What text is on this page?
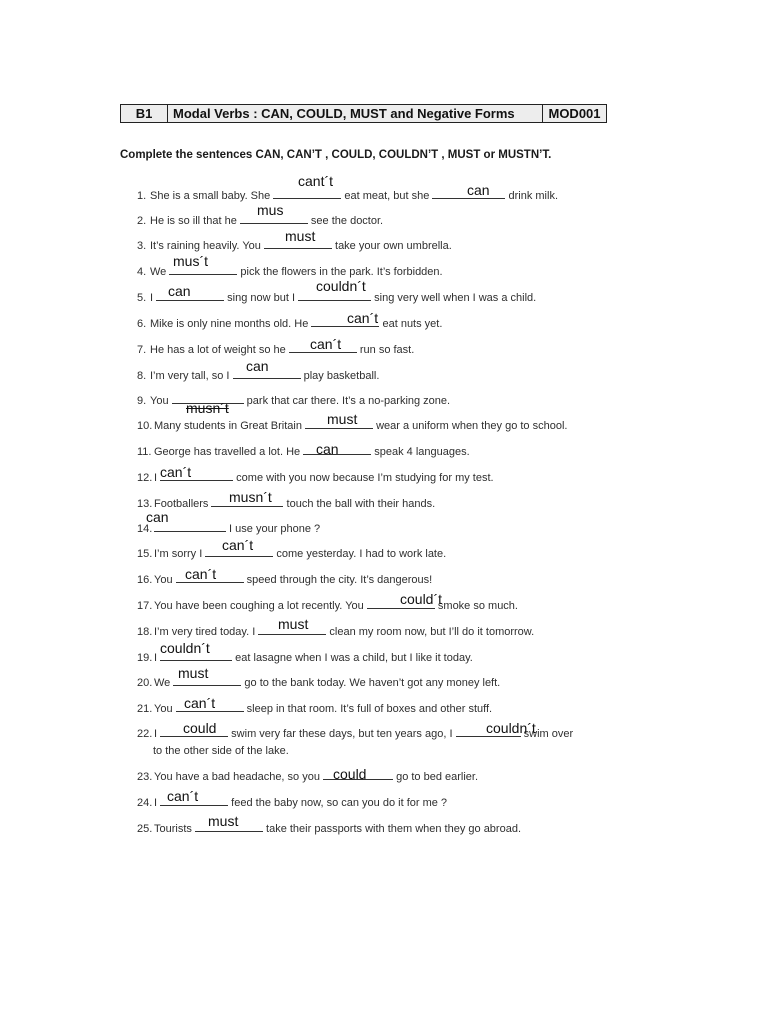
B1	Modal Verbs : CAN, COULD, MUST and Negative Forms	MOD001
Complete the sentences CAN, CAN’T , COULD, COULDN’T , MUST or MUSTN’T.
1. She is a small baby. She	eat meat, but she	drink milk.
2. He is so ill that he	see the doctor.
3. It’s raining heavily. You	take your own umbrella.
4. We	pick the flowers in the park. It’s forbidden.
5. I	sing now but I	sing very well when I was a child.
6. Mike is only nine months old. He	eat nuts yet.
7. He has a lot of weight so he	run so fast.
8. I’m very tall, so I	play basketball.
9. You	park that car there. It’s a no-parking zone.
10. Many students in Great Britain	wear a uniform when they go to school.
11. George has travelled a lot. He	speak 4 languages.
12. I	come with you now because I’m studying for my test.
13. Footballers	touch the ball with their hands.
14.	I use your phone ?
15. I’m sorry I	come yesterday. I had to work late.
16. You	speed through the city. It’s dangerous!
17. You have been coughing a lot recently. You	smoke so much.
18. I’m very tired today. I	clean my room now, but I’ll do it tomorrow.
19. I	eat lasagne when I was a child, but I like it today.
20. We	go to the bank today. We haven’t got any money left.
21. You	sleep in that room. It’s full of boxes and other stuff.
22. I	swim very far these days, but ten years ago, I	swim over
to the other side of the lake.
23. You have a bad headache, so you	go to bed earlier.
24. I	feed the baby now, so can you do it for me ?
25. Tourists	take their passports with them when they go abroad.
cant´t
can
mus
must
mus´t
can	couldn´t
can´t
can´t
can
musn´t
must
can
can´t
musn´t
can
can´t
can´t
could´t
must
couldn´t
must
can´t
could	couldn´t
could
can´t
must
